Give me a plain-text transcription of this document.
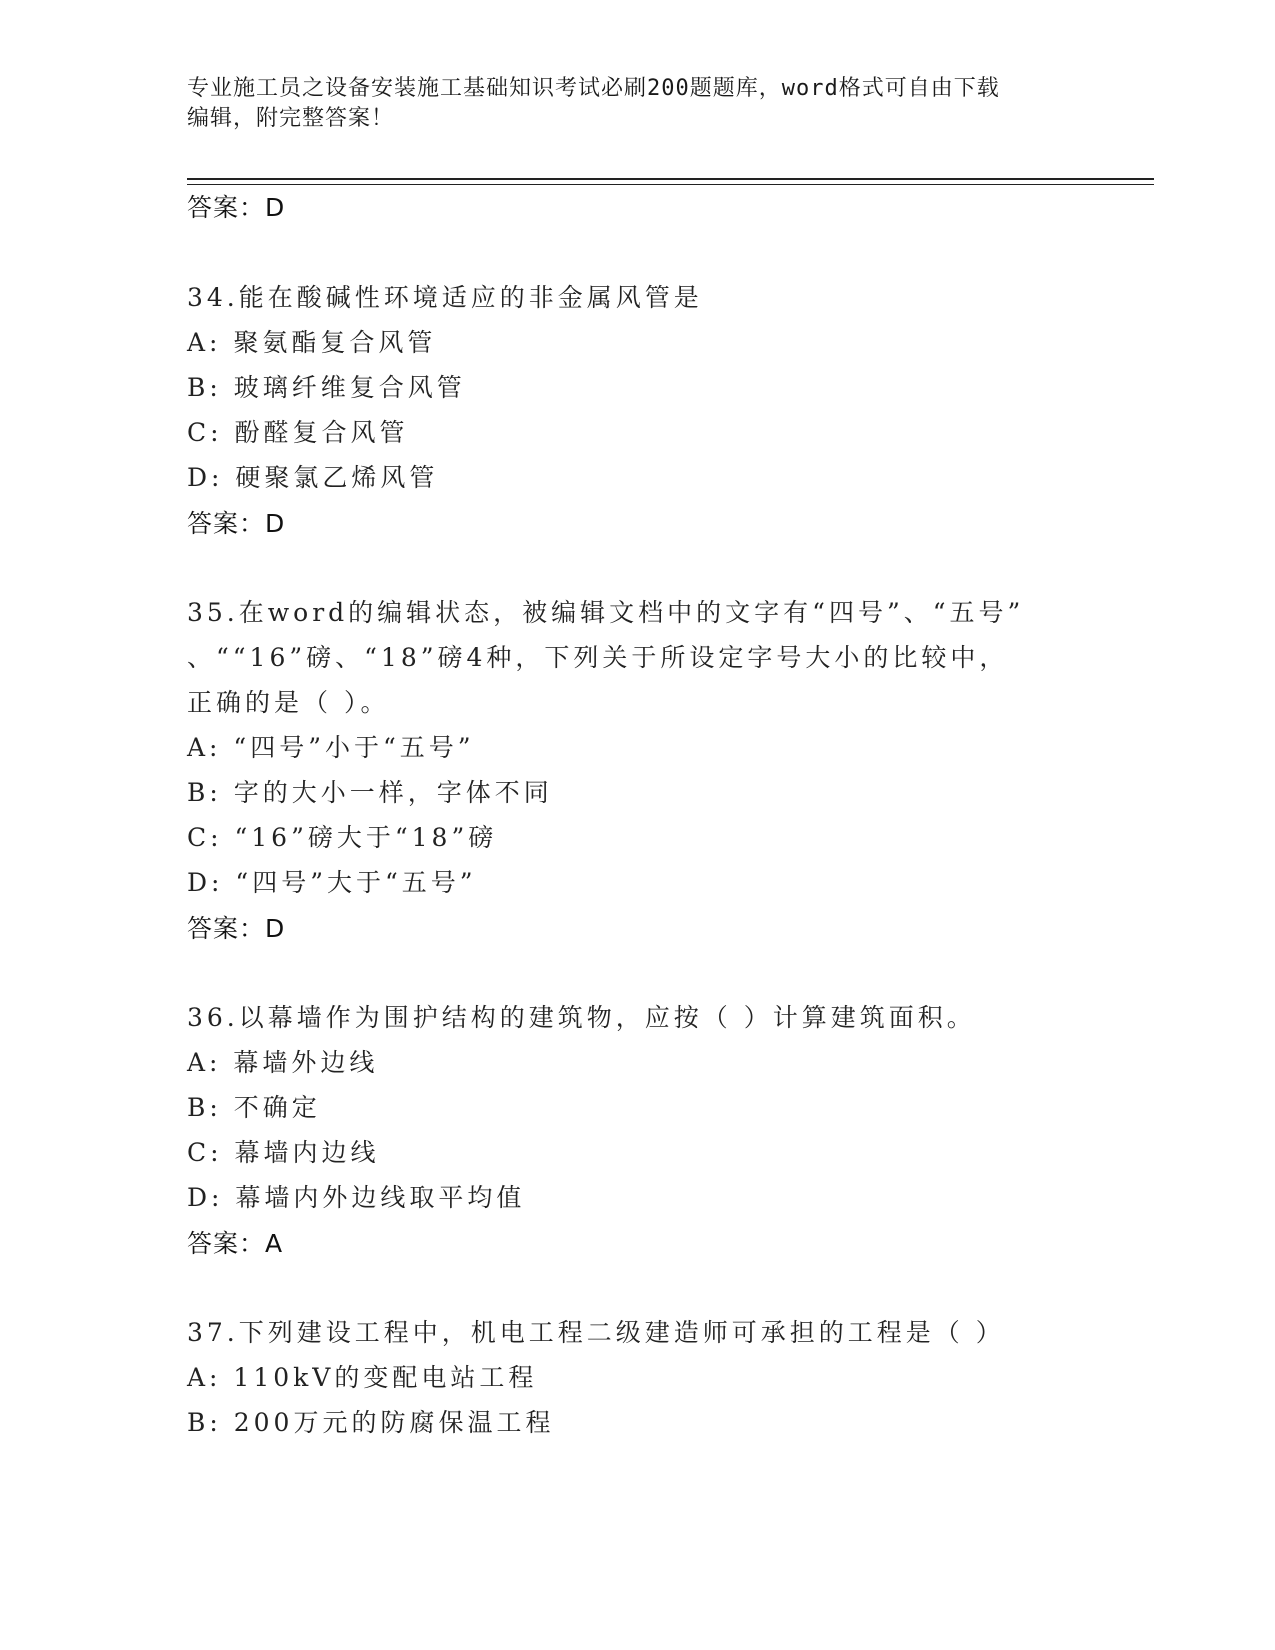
专业施工员之设备安装施工基础知识考试必刷200题题库，word格式可自由下载
编辑，附完整答案！
答案：D
34.能在酸碱性环境适应的非金属风管是
A: 聚氨酯复合风管
B: 玻璃纤维复合风管
C: 酚醛复合风管
D: 硬聚氯乙烯风管
答案：D
35.在word的编辑状态，被编辑文档中的文字有“四号”、“五号”
、““16”磅、“18”磅4种，下列关于所设定字号大小的比较中，
正确的是（ ）。
A: “四号”小于“五号”
B: 字的大小一样，字体不同
C: “16”磅大于“18”磅
D: “四号”大于“五号”
答案：D
36.以幕墙作为围护结构的建筑物，应按（ ）计算建筑面积。
A: 幕墙外边线
B: 不确定
C: 幕墙内边线
D: 幕墙内外边线取平均值
答案：A
37.下列建设工程中，机电工程二级建造师可承担的工程是（ ）
A: 110kV的变配电站工程
B: 200万元的防腐保温工程
